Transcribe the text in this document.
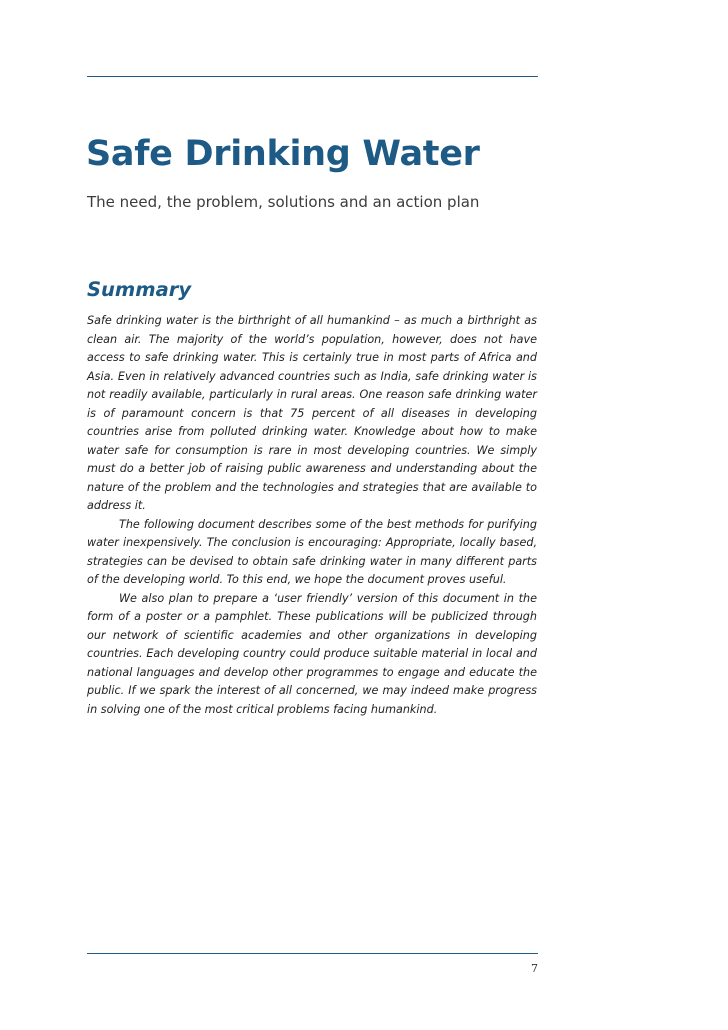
Safe Drinking Water

The need, the problem, solutions and an action plan

Summary

Safe drinking water is the birthright of all humankind – as much a birthright as clean air. The majority of the world’s population, however, does not have access to safe drinking water. This is certainly true in most parts of Africa and Asia. Even in relatively advanced countries such as India, safe drinking water is not readily available, particularly in rural areas. One reason safe drinking water is of paramount concern is that 75 percent of all diseases in developing countries arise from polluted drinking water. Knowledge about how to make water safe for consumption is rare in most developing countries. We simply must do a better job of raising public awareness and understanding about the nature of the problem and the technologies and strategies that are available to address it.

The following document describes some of the best methods for purifying water inexpensively. The conclusion is encouraging: Appropriate, locally based, strategies can be devised to obtain safe drinking water in many different parts of the developing world. To this end, we hope the document proves useful.

We also plan to prepare a ‘user friendly’ version of this document in the form of a poster or a pamphlet. These publications will be publicized through our network of scientific academies and other organizations in developing countries. Each developing country could produce suitable material in local and national languages and develop other programmes to engage and educate the public. If we spark the interest of all concerned, we may indeed make progress in solving one of the most critical problems facing humankind.

7
